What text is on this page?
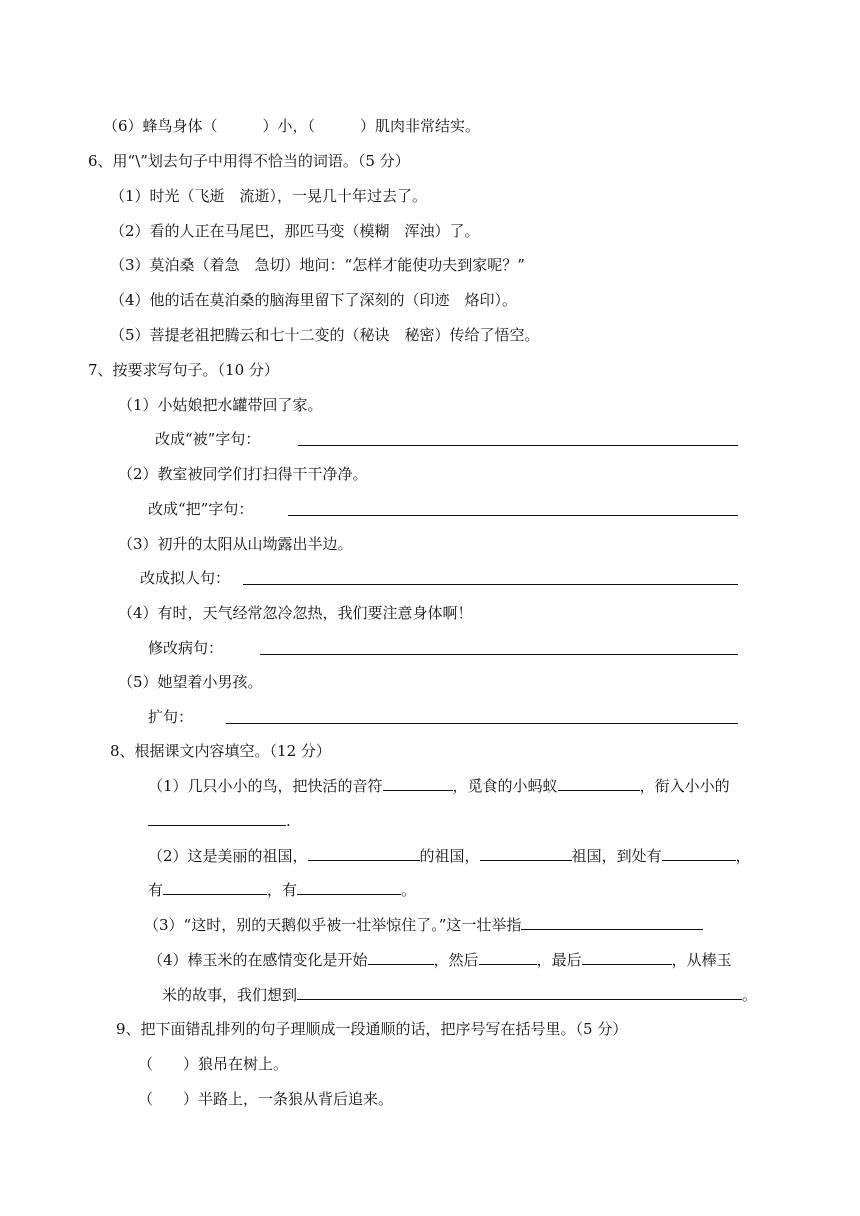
（6）蜂鸟身体（　　　）小，（　　　）肌肉非常结实。
6、用“\”划去句子中用得不恰当的词语。（5 分）
（1）时光（飞逝　流逝），一晃几十年过去了。
（2）看的人正在马尾巴，那匹马变（模糊　浑浊）了。
（3）莫泊桑（着急　急切）地问：“怎样才能使功夫到家呢？”
（4）他的话在莫泊桑的脑海里留下了深刻的（印迹　烙印）。
（5）菩提老祖把腾云和七十二变的（秘诀　秘密）传给了悟空。
7、按要求写句子。（10 分）
（1）小姑娘把水罐带回了家。
改成“被”字句：
（2）教室被同学们打扫得干干净净。
改成“把”字句：
（3）初升的太阳从山坳露出半边。
改成拟人句：
（4）有时，天气经常忽冷忽热，我们要注意身体啊！
修改病句：
（5）她望着小男孩。
扩句：
8、根据课文内容填空。（12 分）
（1）几只小小的鸟，把快活的音符	，觅食的小蚂蚁	，衔入小小的
.
（2）这是美丽的祖国，	的祖国，	祖国，到处有	，
有	，有	。
（3）“这时，别的天鹅似乎被一壮举惊住了。”这一壮举指
（4）棒玉米的在感情变化是开始	，然后	，最后	，从棒玉
米的故事，我们想到	。
9、把下面错乱排列的句子理顺成一段通顺的话，把序号写在括号里。（5 分）
（　　）狼吊在树上。
（　　）半路上，一条狼从背后追来。
